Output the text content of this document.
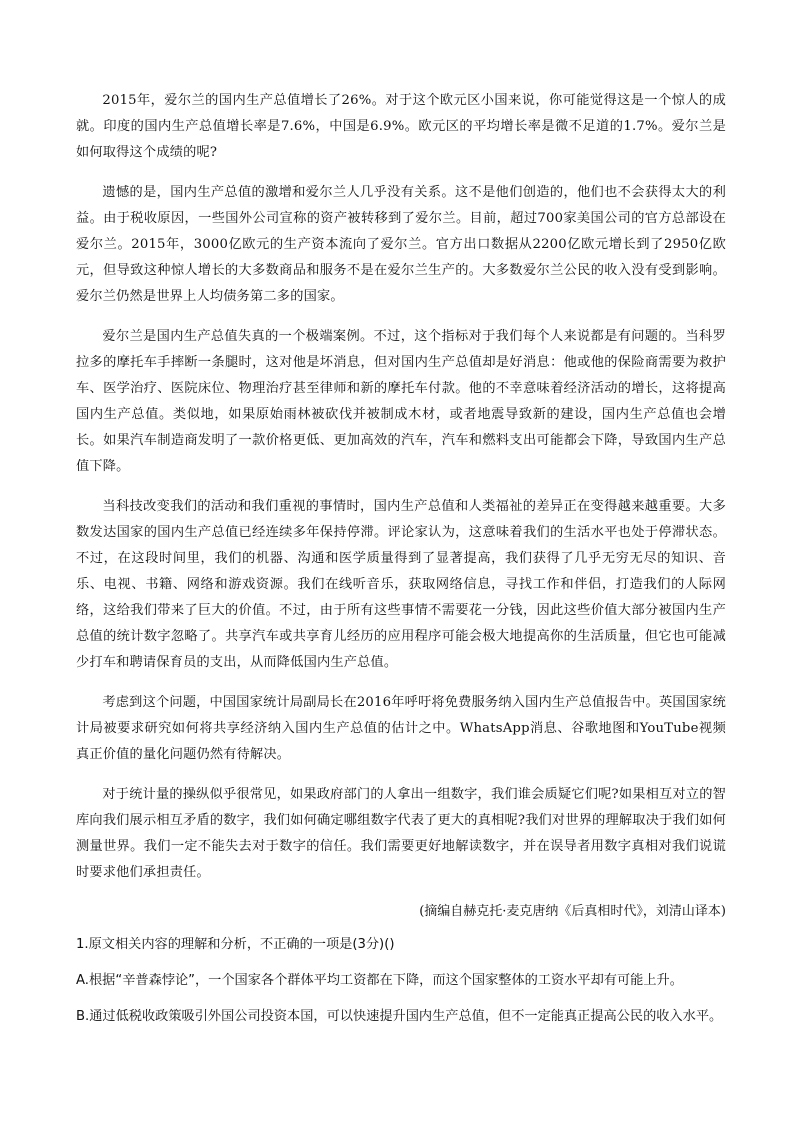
2015年，爱尔兰的国内生产总值增长了26%。对于这个欧元区小国来说，你可能觉得这是一个惊人的成就。印度的国内生产总值增长率是7.6%，中国是6.9%。欧元区的平均增长率是微不足道的1.7%。爱尔兰是如何取得这个成绩的呢?

遗憾的是，国内生产总值的激增和爱尔兰人几乎没有关系。这不是他们创造的，他们也不会获得太大的利益。由于税收原因，一些国外公司宣称的资产被转移到了爱尔兰。目前，超过700家美国公司的官方总部设在爱尔兰。2015年，3000亿欧元的生产资本流向了爱尔兰。官方出口数据从2200亿欧元增长到了2950亿欧元，但导致这种惊人增长的大多数商品和服务不是在爱尔兰生产的。大多数爱尔兰公民的收入没有受到影响。爱尔兰仍然是世界上人均债务第二多的国家。

爱尔兰是国内生产总值失真的一个极端案例。不过，这个指标对于我们每个人来说都是有问题的。当科罗拉多的摩托车手摔断一条腿时，这对他是坏消息，但对国内生产总值却是好消息：他或他的保险商需要为救护车、医学治疗、医院床位、物理治疗甚至律师和新的摩托车付款。他的不幸意味着经济活动的增长，这将提高国内生产总值。类似地，如果原始雨林被砍伐并被制成木材，或者地震导致新的建设，国内生产总值也会增长。如果汽车制造商发明了一款价格更低、更加高效的汽车，汽车和燃料支出可能都会下降，导致国内生产总值下降。

当科技改变我们的活动和我们重视的事情时，国内生产总值和人类福祉的差异正在变得越来越重要。大多数发达国家的国内生产总值已经连续多年保持停滞。评论家认为，这意味着我们的生活水平也处于停滞状态。不过，在这段时间里，我们的机器、沟通和医学质量得到了显著提高，我们获得了几乎无穷无尽的知识、音乐、电视、书籍、网络和游戏资源。我们在线听音乐，获取网络信息，寻找工作和伴侣，打造我们的人际网络，这给我们带来了巨大的价值。不过，由于所有这些事情不需要花一分钱，因此这些价值大部分被国内生产总值的统计数字忽略了。共享汽车或共享育儿经历的应用程序可能会极大地提高你的生活质量，但它也可能减少打车和聘请保育员的支出，从而降低国内生产总值。

考虑到这个问题，中国国家统计局副局长在2016年呼吁将免费服务纳入国内生产总值报告中。英国国家统计局被要求研究如何将共享经济纳入国内生产总值的估计之中。WhatsApp消息、谷歌地图和YouTube视频真正价值的量化问题仍然有待解决。

对于统计量的操纵似乎很常见，如果政府部门的人拿出一组数字，我们谁会质疑它们呢?如果相互对立的智库向我们展示相互矛盾的数字，我们如何确定哪组数字代表了更大的真相呢?我们对世界的理解取决于我们如何测量世界。我们一定不能失去对于数字的信任。我们需要更好地解读数字，并在误导者用数字真相对我们说谎时要求他们承担责任。

(摘编自赫克托·麦克唐纳《后真相时代》，刘清山译本)
1.原文相关内容的理解和分析，不正确的一项是(3分)()
A.根据“辛普森悖论”，一个国家各个群体平均工资都在下降，而这个国家整体的工资水平却有可能上升。
B.通过低税收政策吸引外国公司投资本国，可以快速提升国内生产总值，但不一定能真正提高公民的收入水平。
